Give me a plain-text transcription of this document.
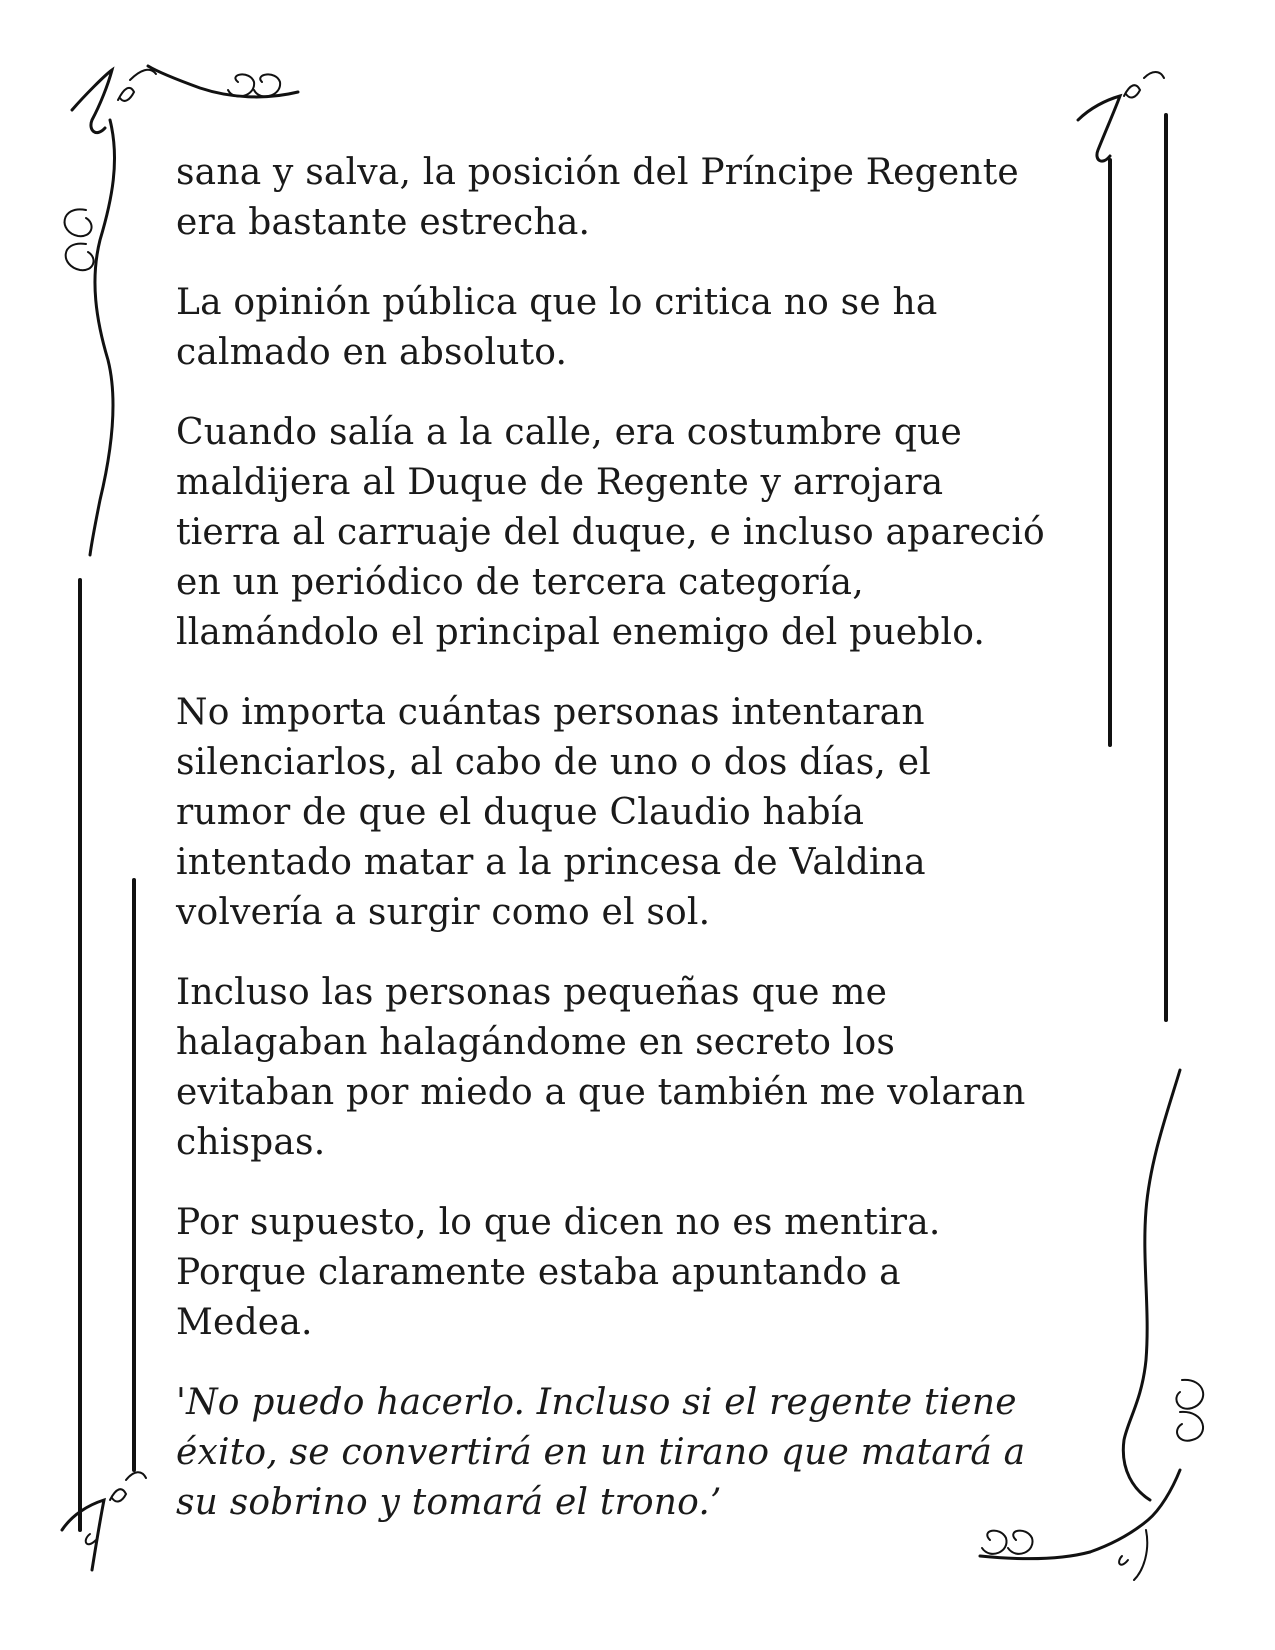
sana y salva, la posición del Príncipe Regente
era bastante estrecha.

La opinión pública que lo critica no se ha
calmado en absoluto.

Cuando salía a la calle, era costumbre que
maldijera al Duque de Regente y arrojara
tierra al carruaje del duque, e incluso apareció
en un periódico de tercera categoría,
llamándolo el principal enemigo del pueblo.

No importa cuántas personas intentaran
silenciarlos, al cabo de uno o dos días, el
rumor de que el duque Claudio había
intentado matar a la princesa de Valdina
volvería a surgir como el sol.

Incluso las personas pequeñas que me
halagaban halagándome en secreto los
evitaban por miedo a que también me volaran
chispas.

Por supuesto, lo que dicen no es mentira.
Porque claramente estaba apuntando a
Medea.

'No puedo hacerlo. Incluso si el regente tiene
éxito, se convertirá en un tirano que matará a
su sobrino y tomará el trono.’
